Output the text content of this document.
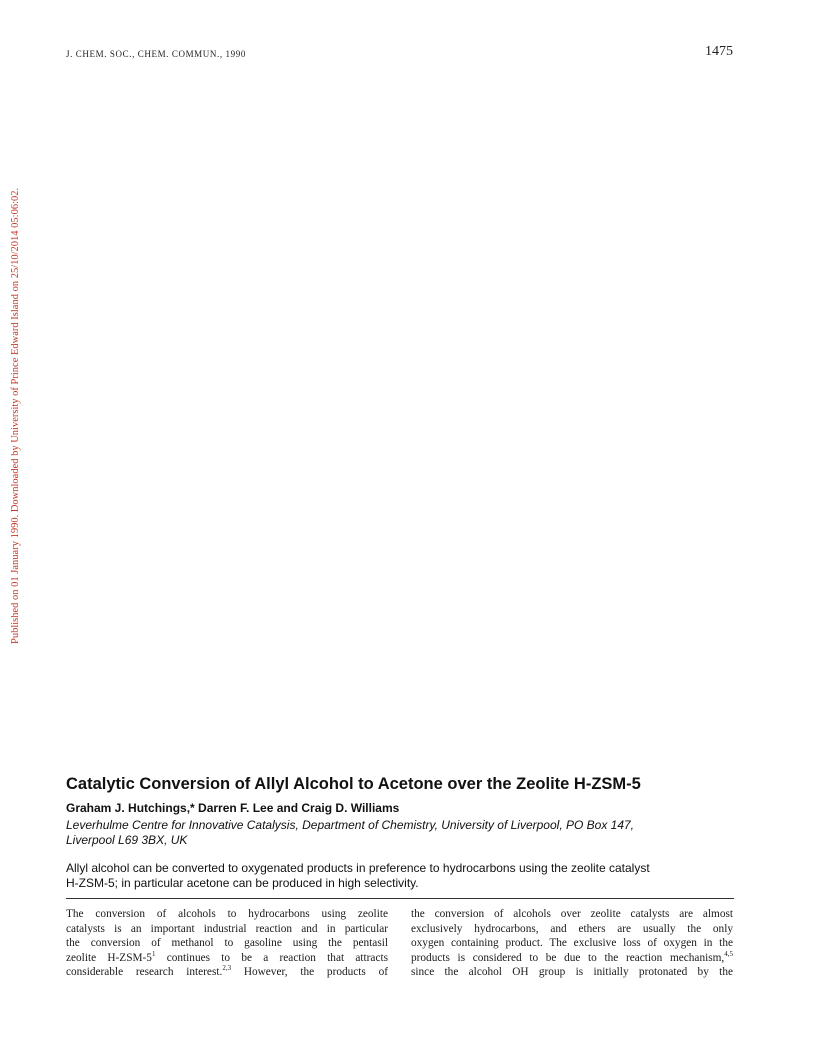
J. CHEM. SOC., CHEM. COMMUN., 1990	1475
Published on 01 January 1990. Downloaded by University of Prince Edward Island on 25/10/2014 05:06:02.
Catalytic Conversion of Allyl Alcohol to Acetone over the Zeolite H-ZSM-5

Graham J. Hutchings,* Darren F. Lee and Craig D. Williams

Leverhulme Centre for Innovative Catalysis, Department of Chemistry, University of Liverpool, PO Box 147,
Liverpool L69 3BX, UK

Allyl alcohol can be converted to oxygenated products in preference to hydrocarbons using the zeolite catalyst
H-ZSM-5; in particular acetone can be produced in high selectivity.

The conversion of alcohols to hydrocarbons using zeolite
catalysts is an important industrial reaction and in particular
the conversion of methanol to gasoline using the pentasil
zeolite $H-ZSM-5^1$ continues to be a reaction that attracts
considerable research interest.$^{2,3}$ However, the products of
the conversion of alcohols over zeolite catalysts are almost
exclusively hydrocarbons, and ethers are usually the only
oxygen containing product. The exclusive loss of oxygen in the
products is considered to be due to the reaction mechanism,$^{4,5}$
since the alcohol OH group is initially protonated by the
